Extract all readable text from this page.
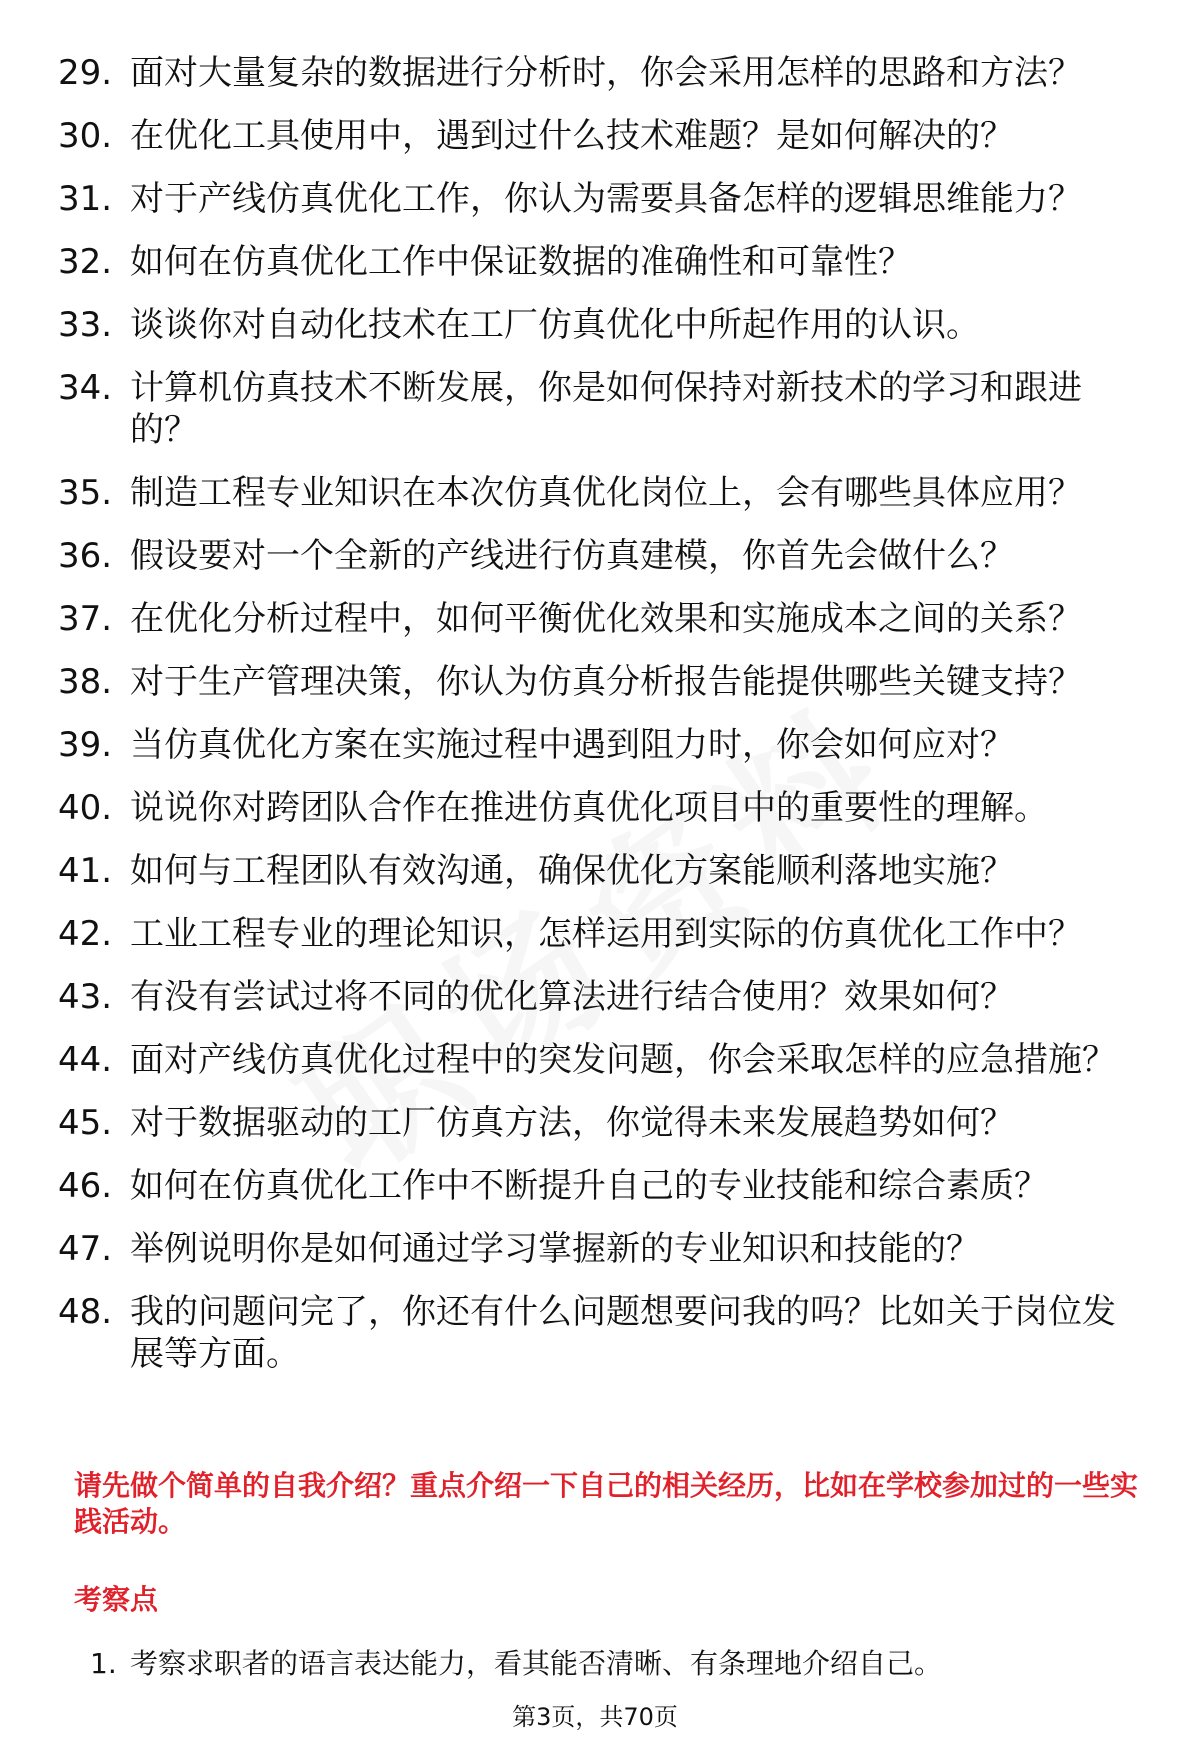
29. 面对大量复杂的数据进行分析时，你会采用怎样的思路和方法？
30. 在优化工具使用中，遇到过什么技术难题？是如何解决的？
31. 对于产线仿真优化工作，你认为需要具备怎样的逻辑思维能力？
32. 如何在仿真优化工作中保证数据的准确性和可靠性？
33. 谈谈你对自动化技术在工厂仿真优化中所起作用的认识。
34. 计算机仿真技术不断发展，你是如何保持对新技术的学习和跟进的？
35. 制造工程专业知识在本次仿真优化岗位上，会有哪些具体应用？
36. 假设要对一个全新的产线进行仿真建模，你首先会做什么？
37. 在优化分析过程中，如何平衡优化效果和实施成本之间的关系？
38. 对于生产管理决策，你认为仿真分析报告能提供哪些关键支持？
39. 当仿真优化方案在实施过程中遇到阻力时，你会如何应对？
40. 说说你对跨团队合作在推进仿真优化项目中的重要性的理解。
41. 如何与工程团队有效沟通，确保优化方案能顺利落地实施？
42. 工业工程专业的理论知识，怎样运用到实际的仿真优化工作中？
43. 有没有尝试过将不同的优化算法进行结合使用？效果如何？
44. 面对产线仿真优化过程中的突发问题，你会采取怎样的应急措施？
45. 对于数据驱动的工厂仿真方法，你觉得未来发展趋势如何？
46. 如何在仿真优化工作中不断提升自己的专业技能和综合素质？
47. 举例说明你是如何通过学习掌握新的专业知识和技能的？
48. 我的问题问完了，你还有什么问题想要问我的吗？比如关于岗位发展等方面。

请先做个简单的自我介绍？重点介绍一下自己的相关经历，比如在学校参加过的一些实践活动。

考察点

1. 考察求职者的语言表达能力，看其能否清晰、有条理地介绍自己。
第3页，共70页
